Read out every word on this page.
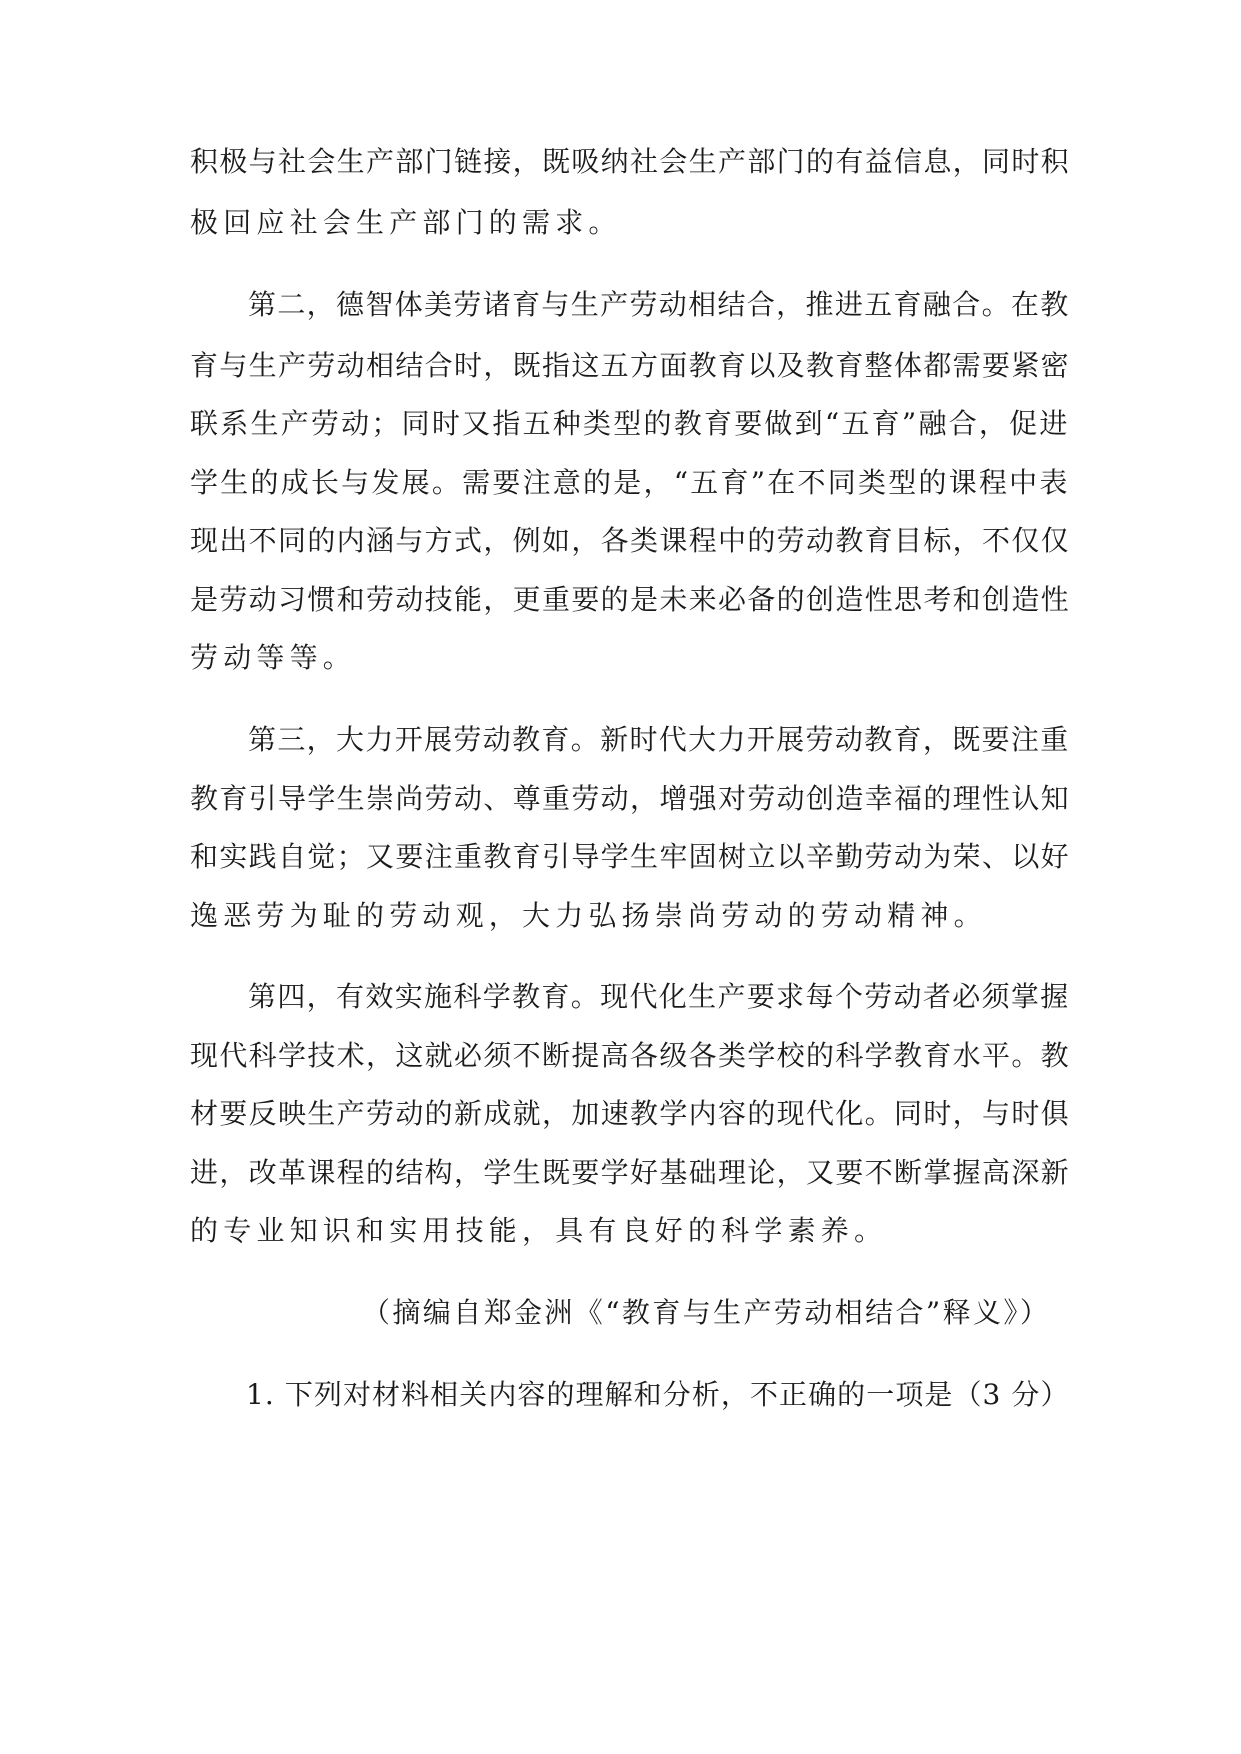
积极与社会生产部门链接，既吸纳社会生产部门的有益信息，同时积
极回应社会生产部门的需求。
第二，德智体美劳诸育与生产劳动相结合，推进五育融合。在教
育与生产劳动相结合时，既指这五方面教育以及教育整体都需要紧密
联系生产劳动；同时又指五种类型的教育要做到“五育”融合，促进
学生的成长与发展。需要注意的是，“五育”在不同类型的课程中表
现出不同的内涵与方式，例如，各类课程中的劳动教育目标，不仅仅
是劳动习惯和劳动技能，更重要的是未来必备的创造性思考和创造性
劳动等等。
第三，大力开展劳动教育。新时代大力开展劳动教育，既要注重
教育引导学生崇尚劳动、尊重劳动，增强对劳动创造幸福的理性认知
和实践自觉；又要注重教育引导学生牢固树立以辛勤劳动为荣、以好
逸恶劳为耻的劳动观，大力弘扬崇尚劳动的劳动精神。
第四，有效实施科学教育。现代化生产要求每个劳动者必须掌握
现代科学技术，这就必须不断提高各级各类学校的科学教育水平。教
材要反映生产劳动的新成就，加速教学内容的现代化。同时，与时俱
进，改革课程的结构，学生既要学好基础理论，又要不断掌握高深新
的专业知识和实用技能，具有良好的科学素养。
（摘编自郑金洲《“教育与生产劳动相结合”释义》）
1. 下列对材料相关内容的理解和分析，不正确的一项是（3 分）
